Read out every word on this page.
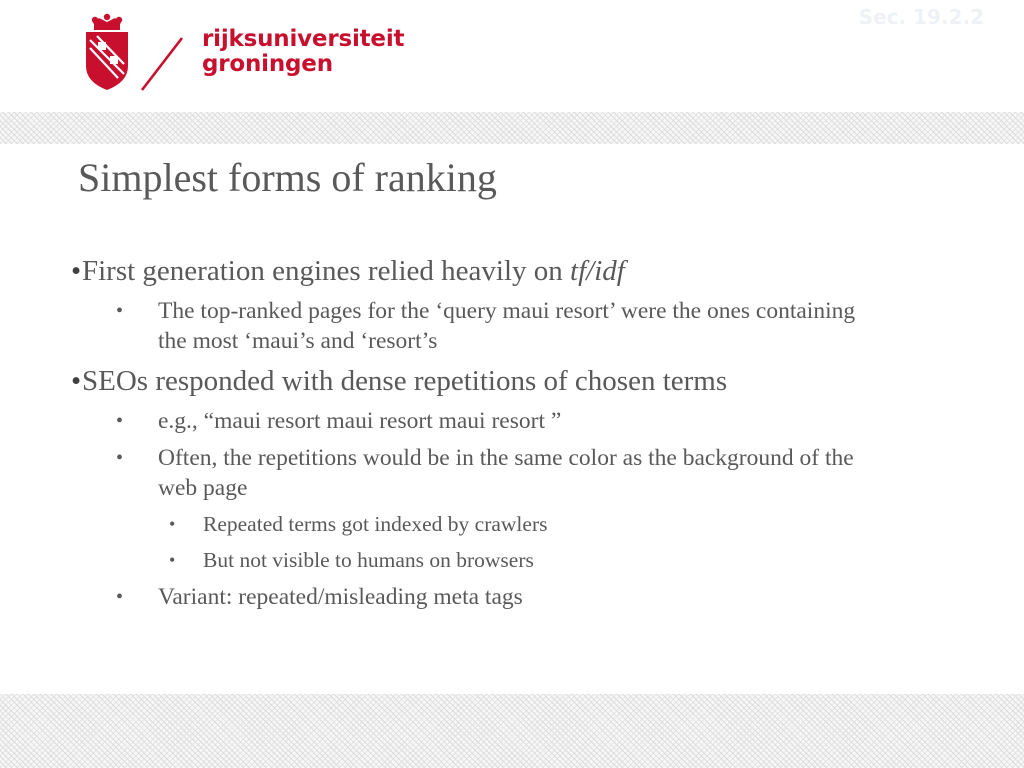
rijksuniversiteit
groningen
Sec. 19.2.2
Simplest forms of ranking
• First generation engines relied heavily on tf/idf
• The top-ranked pages for the ‘query maui resort’ were the ones containing the most ‘maui’s and ‘resort’s
• SEOs responded with dense repetitions of chosen terms
• e.g., “maui resort maui resort maui resort ”
• Often, the repetitions would be in the same color as the background of the web page
• Repeated terms got indexed by crawlers
• But not visible to humans on browsers
• Variant: repeated/misleading meta tags
